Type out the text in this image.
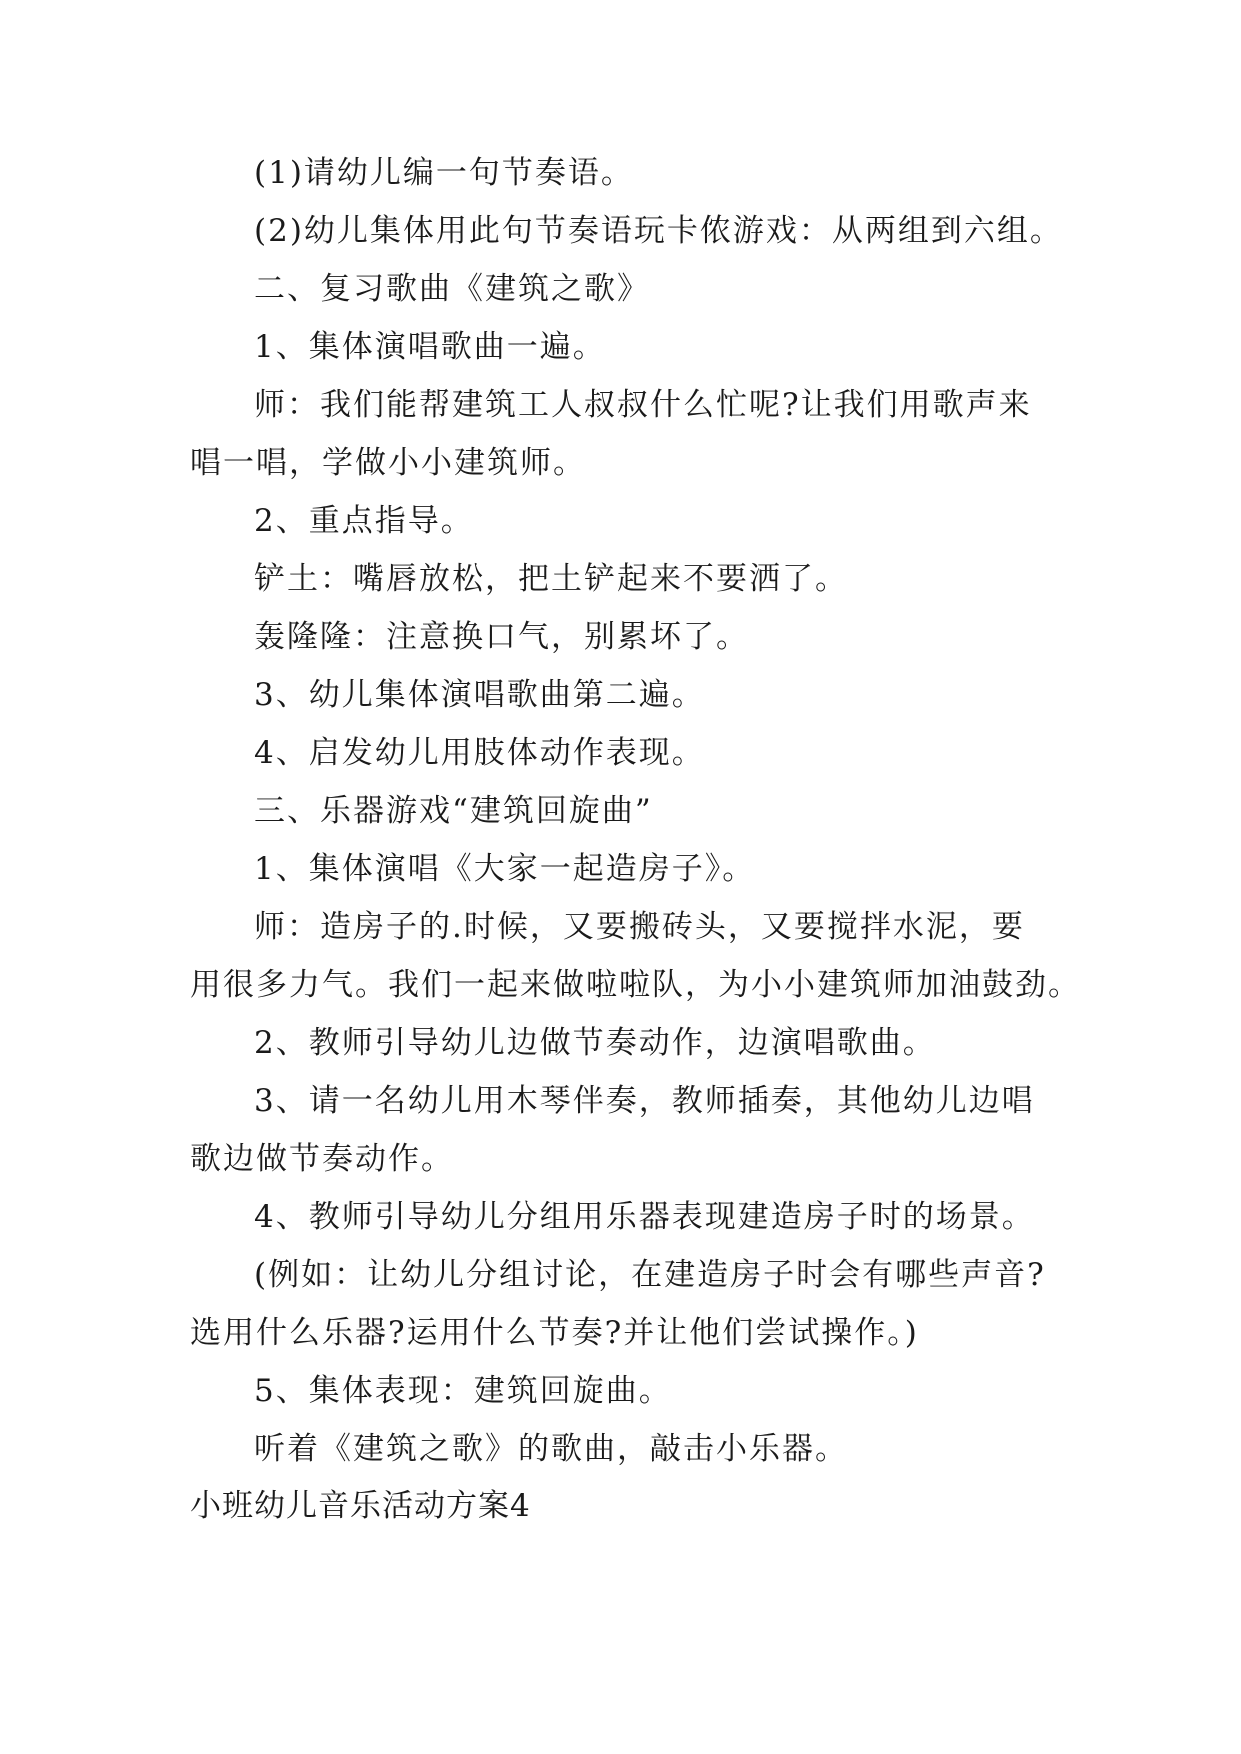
(1)请幼儿编一句节奏语。
(2)幼儿集体用此句节奏语玩卡侬游戏：从两组到六组。
二、复习歌曲《建筑之歌》
1、集体演唱歌曲一遍。
师：我们能帮建筑工人叔叔什么忙呢?让我们用歌声来
唱一唱，学做小小建筑师。
2、重点指导。
铲土：嘴唇放松，把土铲起来不要洒了。
轰隆隆：注意换口气，别累坏了。
3、幼儿集体演唱歌曲第二遍。
4、启发幼儿用肢体动作表现。
三、乐器游戏“建筑回旋曲”
1、集体演唱《大家一起造房子》。
师：造房子的.时候，又要搬砖头，又要搅拌水泥，要
用很多力气。我们一起来做啦啦队，为小小建筑师加油鼓劲。
2、教师引导幼儿边做节奏动作，边演唱歌曲。
3、请一名幼儿用木琴伴奏，教师插奏，其他幼儿边唱
歌边做节奏动作。
4、教师引导幼儿分组用乐器表现建造房子时的场景。
(例如：让幼儿分组讨论，在建造房子时会有哪些声音?
选用什么乐器?运用什么节奏?并让他们尝试操作。)
5、集体表现：建筑回旋曲。
听着《建筑之歌》的歌曲，敲击小乐器。
小班幼儿音乐活动方案4
